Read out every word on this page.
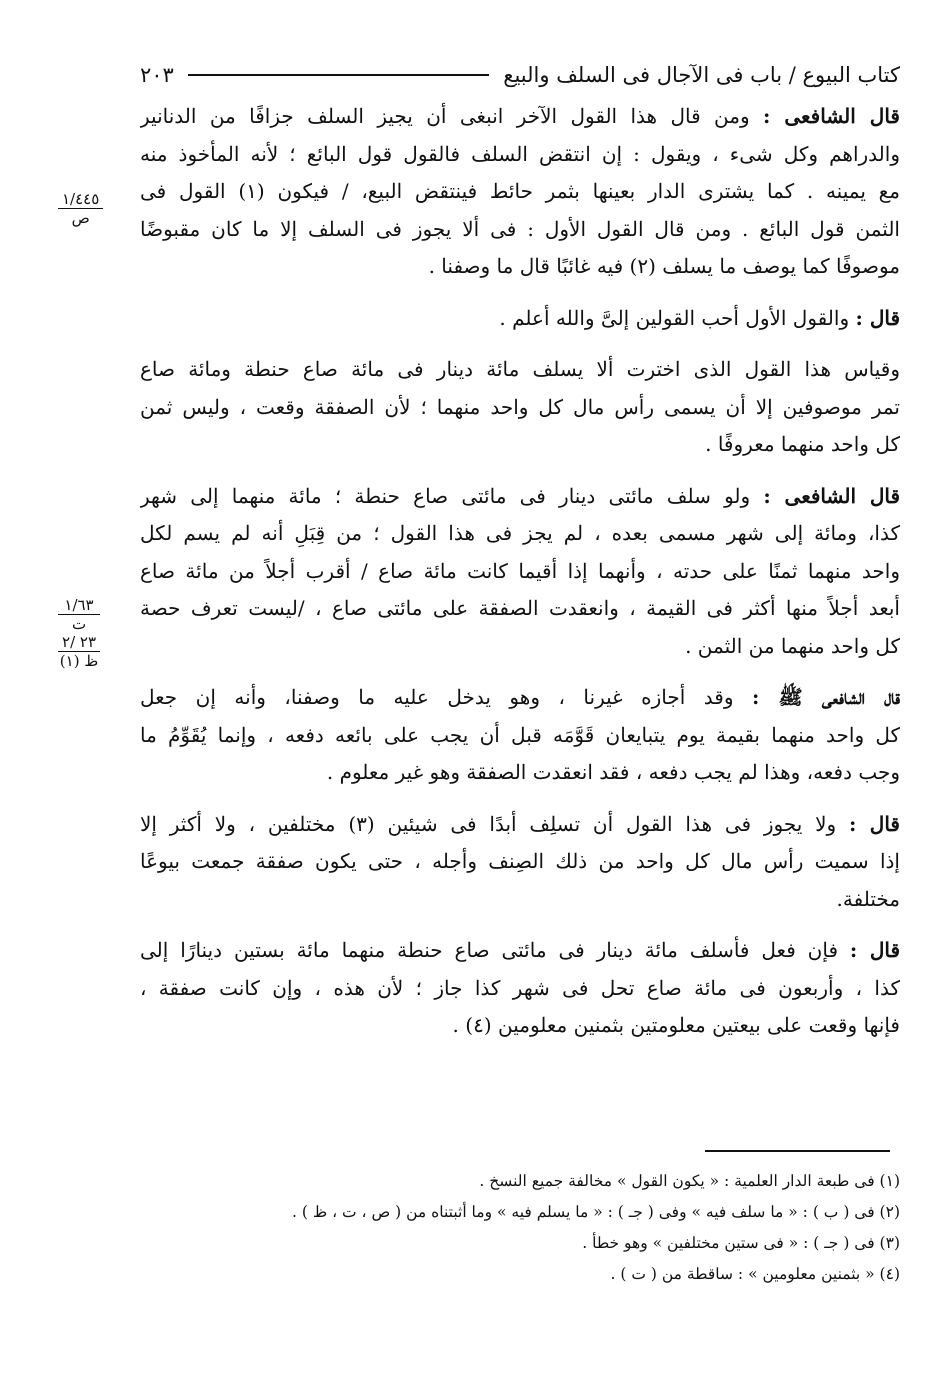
كتاب البيوع / باب فى الآجال فى السلف والبيع
٢٠٣
١/٤٤٥
ص
١/٦٣
ت
٢٣ /٢
ظ (١)
قال الشافعى : ومن قال هذا القول الآخر انبغى أن يجيز السلف جزافًا من الدنانير
والدراهم وكل شىء ، ويقول : إن انتقض السلف فالقول قول البائع ؛ لأنه المأخوذ منه
مع يمينه . كما يشترى الدار بعينها بثمر حائط فينتقض البيع، / فيكون (١) القول فى
الثمن قول البائع . ومن قال القول الأول : فى ألا يجوز فى السلف إلا ما كان مقبوضًا
موصوفًا كما يوصف ما يسلف (٢) فيه غائبًا قال ما وصفنا .
قال : والقول الأول أحب القولين إلىَّ والله أعلم .
وقياس هذا القول الذى اخترت ألا يسلف مائة دينار فى مائة صاع حنطة ومائة صاع
تمر موصوفين إلا أن يسمى رأس مال كل واحد منهما ؛ لأن الصفقة وقعت ، وليس ثمن
كل واحد منهما معروفًا .
قال الشافعى : ولو سلف مائتى دينار فى مائتى صاع حنطة ؛ مائة منهما إلى شهر
كذا، ومائة إلى شهر مسمى بعده ، لم يجز فى هذا القول ؛ من قِبَلِ أنه لم يسم لكل
واحد منهما ثمنًا على حدته ، وأنهما إذا أقيما كانت مائة صاع / أقرب أجلاً من مائة صاع
أبعد أجلاً منها أكثر فى القيمة ، وانعقدت الصفقة على مائتى صاع ، /ليست تعرف حصة
كل واحد منهما من الثمن .
قال الشافعى ﷺ : وقد أجازه غيرنا ، وهو يدخل عليه ما وصفنا، وأنه إن جعل
كل واحد منهما بقيمة يوم يتبايعان قَوَّمَه قبل أن يجب على بائعه دفعه ، وإنما يُقَوِّمُ ما
وجب دفعه، وهذا لم يجب دفعه ، فقد انعقدت الصفقة وهو غير معلوم .
قال : ولا يجوز فى هذا القول أن تسلِف أبدًا فى شيئين (٣) مختلفين ، ولا أكثر إلا
إذا سميت رأس مال كل واحد من ذلك الصِنف وأجله ، حتى يكون صفقة جمعت بيوعًا
مختلفة.
قال : فإن فعل فأسلف مائة دينار فى مائتى صاع حنطة منهما مائة بستين دينارًا إلى
كذا ، وأربعون فى مائة صاع تحل فى شهر كذا جاز ؛ لأن هذه ، وإن كانت صفقة ،
فإنها وقعت على بيعتين معلومتين بثمنين معلومين (٤) .
(١) فى طبعة الدار العلمية : « يكون القول » مخالفة جميع النسخ .
(٢) فى ( ب ) : « ما سلف فيه » وفى ( جـ ) : « ما يسلم فيه » وما أثبتناه من ( ص ، ت ، ظ ) .
(٣) فى ( جـ ) : « فى ستين مختلفين » وهو خطأ .
(٤) « بثمنين معلومين » : ساقطة من ( ت ) .
